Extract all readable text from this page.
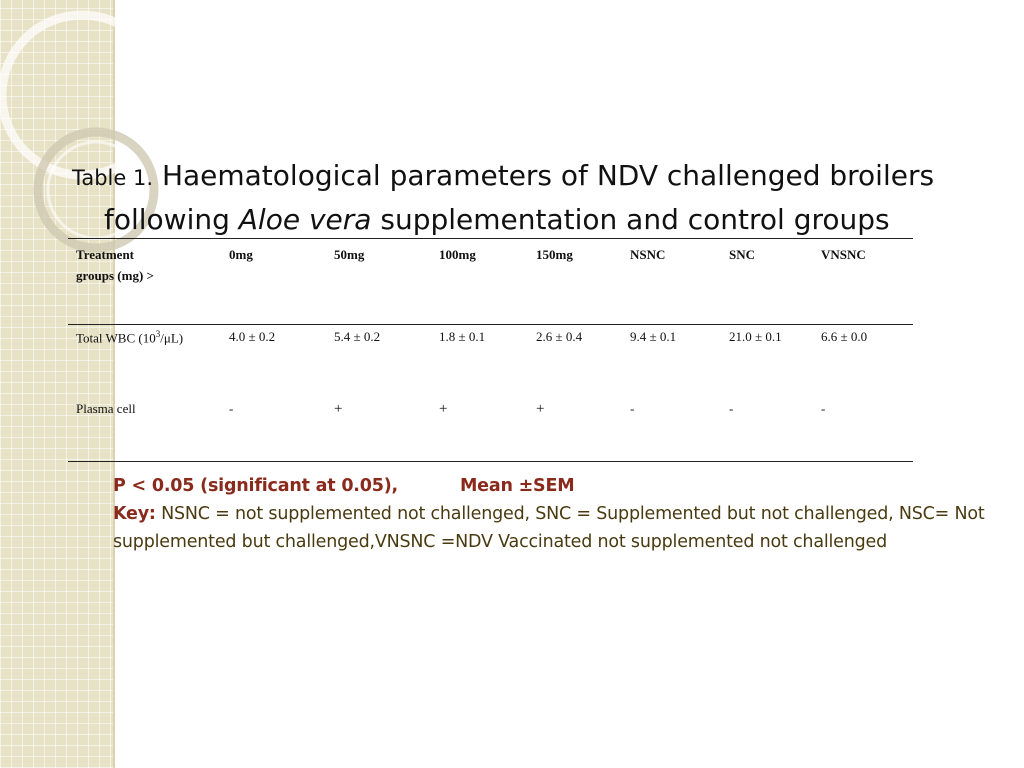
Table 1. Haematological parameters of NDV challenged broilers
following Aloe vera supplementation and control groups
Treatment
groups (mg) >	0mg	50mg	100mg	150mg	NSNC	SNC	VNSNC
Total WBC $(10^3/\mu L)$	4.0 ± 0.2	5.4 ± 0.2	1.8 ± 0.1	2.6 ± 0.4	9.4 ± 0.1	21.0 ± 0.1	6.6 ± 0.0
Plasma cell	-	+	+	+	-	-	-
P < 0.05 (significant at 0.05),	Mean ±SEM
Key: NSNC = not supplemented not challenged, SNC = Supplemented but not challenged, NSC= Not supplemented but challenged,VNSNC =NDV Vaccinated not supplemented not challenged
